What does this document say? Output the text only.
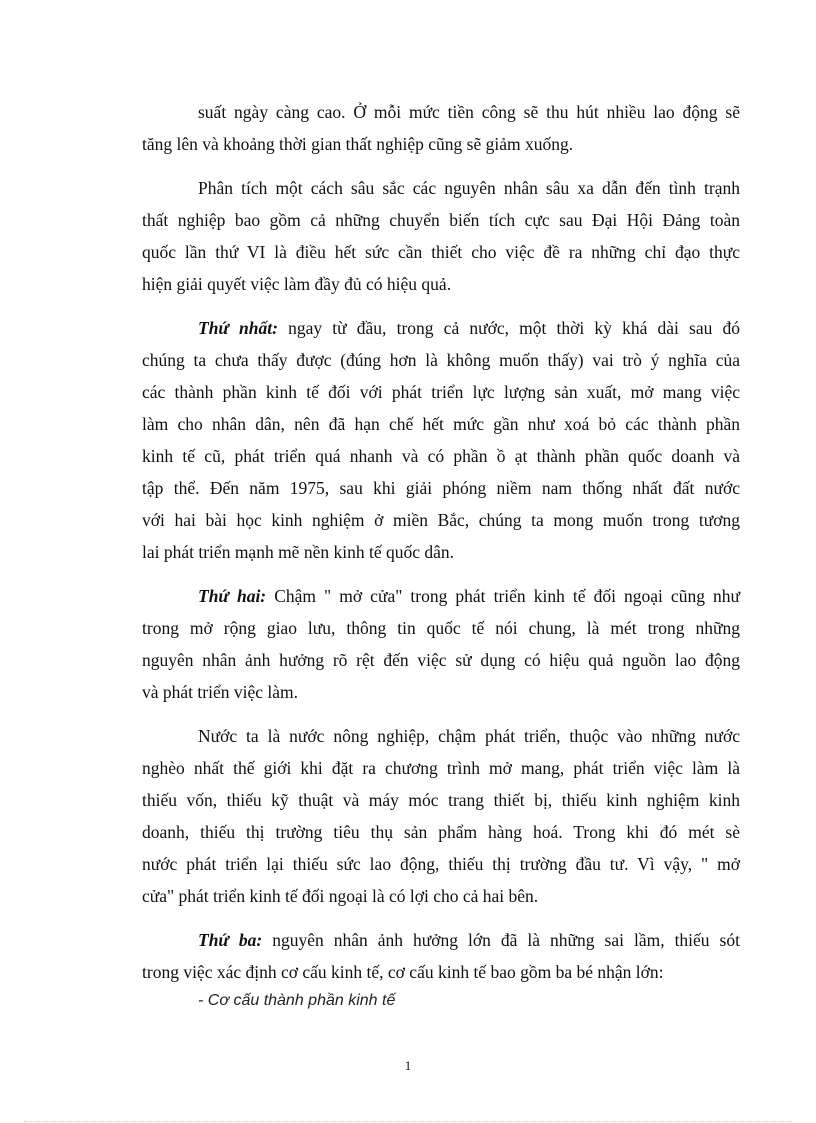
suất ngày càng cao. Ở mỗi mức tiền công sẽ thu hút nhiều lao động sẽ
tăng lên và khoảng thời gian thất nghiệp cũng sẽ giảm xuống.

Phân tích một cách sâu sắc các nguyên nhân sâu xa dẫn đến tình trạnh
thất nghiệp bao gồm cả những chuyển biến tích cực sau Đại Hội Đảng toàn
quốc lần thứ VI là điều hết sức cần thiết cho việc đề ra những chỉ đạo thực
hiện giải quyết việc làm đầy đủ có hiệu quả.

Thứ nhất: ngay từ đầu, trong cả nước, một thời kỳ khá dài sau đó
chúng ta chưa thấy được (đúng hơn là không muốn thấy) vai trò ý nghĩa của
các thành phần kinh tế đối với phát triển lực lượng sản xuất, mở mang việc
làm cho nhân dân, nên đã hạn chế hết mức gần như xoá bỏ các thành phần
kinh tế cũ, phát triển quá nhanh và có phần ồ ạt thành phần quốc doanh và
tập thể. Đến năm 1975, sau khi giải phóng niềm nam thống nhất đất nước
với hai bài học kinh nghiệm ở miền Bắc, chúng ta mong muốn trong tương
lai phát triển mạnh mẽ nền kinh tế quốc dân.

Thứ hai: Chậm " mở cửa" trong phát triển kinh tế đối ngoại cũng như
trong mở rộng giao lưu, thông tin quốc tế nói chung, là mét trong những
nguyên nhân ảnh hưởng rõ rệt đến việc sử dụng có hiệu quả nguồn lao động
và phát triển việc làm.

Nước ta là nước nông nghiệp, chậm phát triển, thuộc vào những nước
nghèo nhất thế giới khi đặt ra chương trình mở mang, phát triển việc làm là
thiếu vốn, thiếu kỹ thuật và máy móc trang thiết bị, thiếu kinh nghiệm kinh
doanh, thiếu thị trường tiêu thụ sản phẩm hàng hoá. Trong khi đó mét sè
nước phát triển lại thiếu sức lao động, thiếu thị trường đầu tư. Vì vậy, " mở
cửa" phát triển kinh tế đối ngoại là có lợi cho cả hai bên.

Thứ ba: nguyên nhân ảnh hưởng lớn đã là những sai lầm, thiếu sót
trong việc xác định cơ cấu kinh tế, cơ cấu kinh tế bao gồm ba bé nhận lớn:

- Cơ cấu thành phần kinh tế
1
